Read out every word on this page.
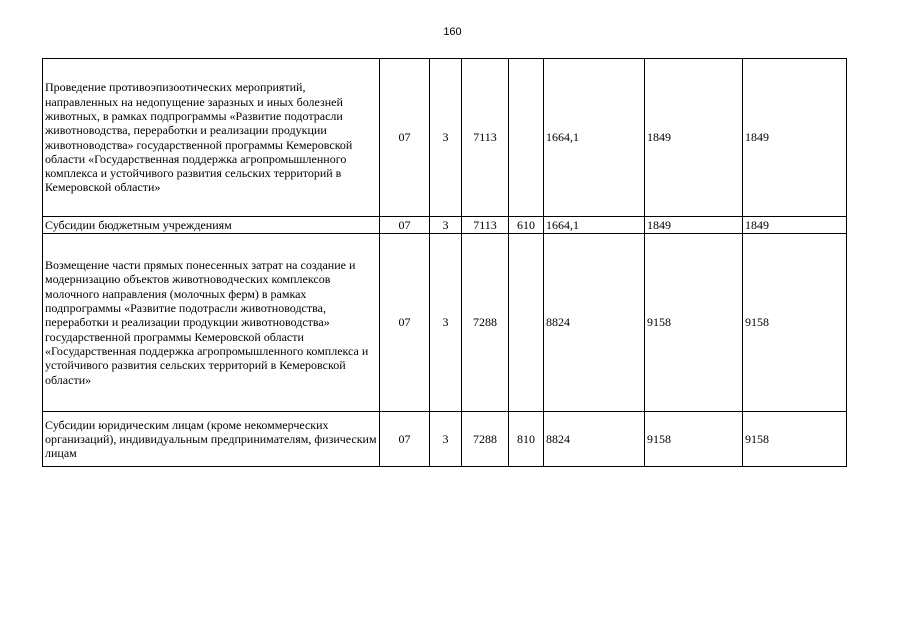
160
Проведение противоэпизоотических мероприятий, направленных на недопущение заразных и иных болезней животных, в рамках подпрограммы «Развитие подотрасли животноводства, переработки и реализации продукции животноводства» государственной программы Кемеровской области «Государственная поддержка агропромышленного комплекса и устойчивого развития сельских территорий в Кемеровской области»	07	3	7113		1664,1	1849	1849
Субсидии бюджетным учреждениям	07	3	7113	610	1664,1	1849	1849
Возмещение части прямых понесенных затрат на создание и модернизацию объектов животноводческих комплексов молочного направления (молочных ферм) в рамках подпрограммы «Развитие подотрасли животноводства, переработки и реализации продукции животноводства» государственной программы Кемеровской области «Государственная поддержка агропромышленного комплекса и устойчивого развития сельских территорий в Кемеровской области»	07	3	7288		8824	9158	9158
Субсидии юридическим лицам (кроме некоммерческих организаций), индивидуальным предпринимателям, физическим лицам	07	3	7288	810	8824	9158	9158
